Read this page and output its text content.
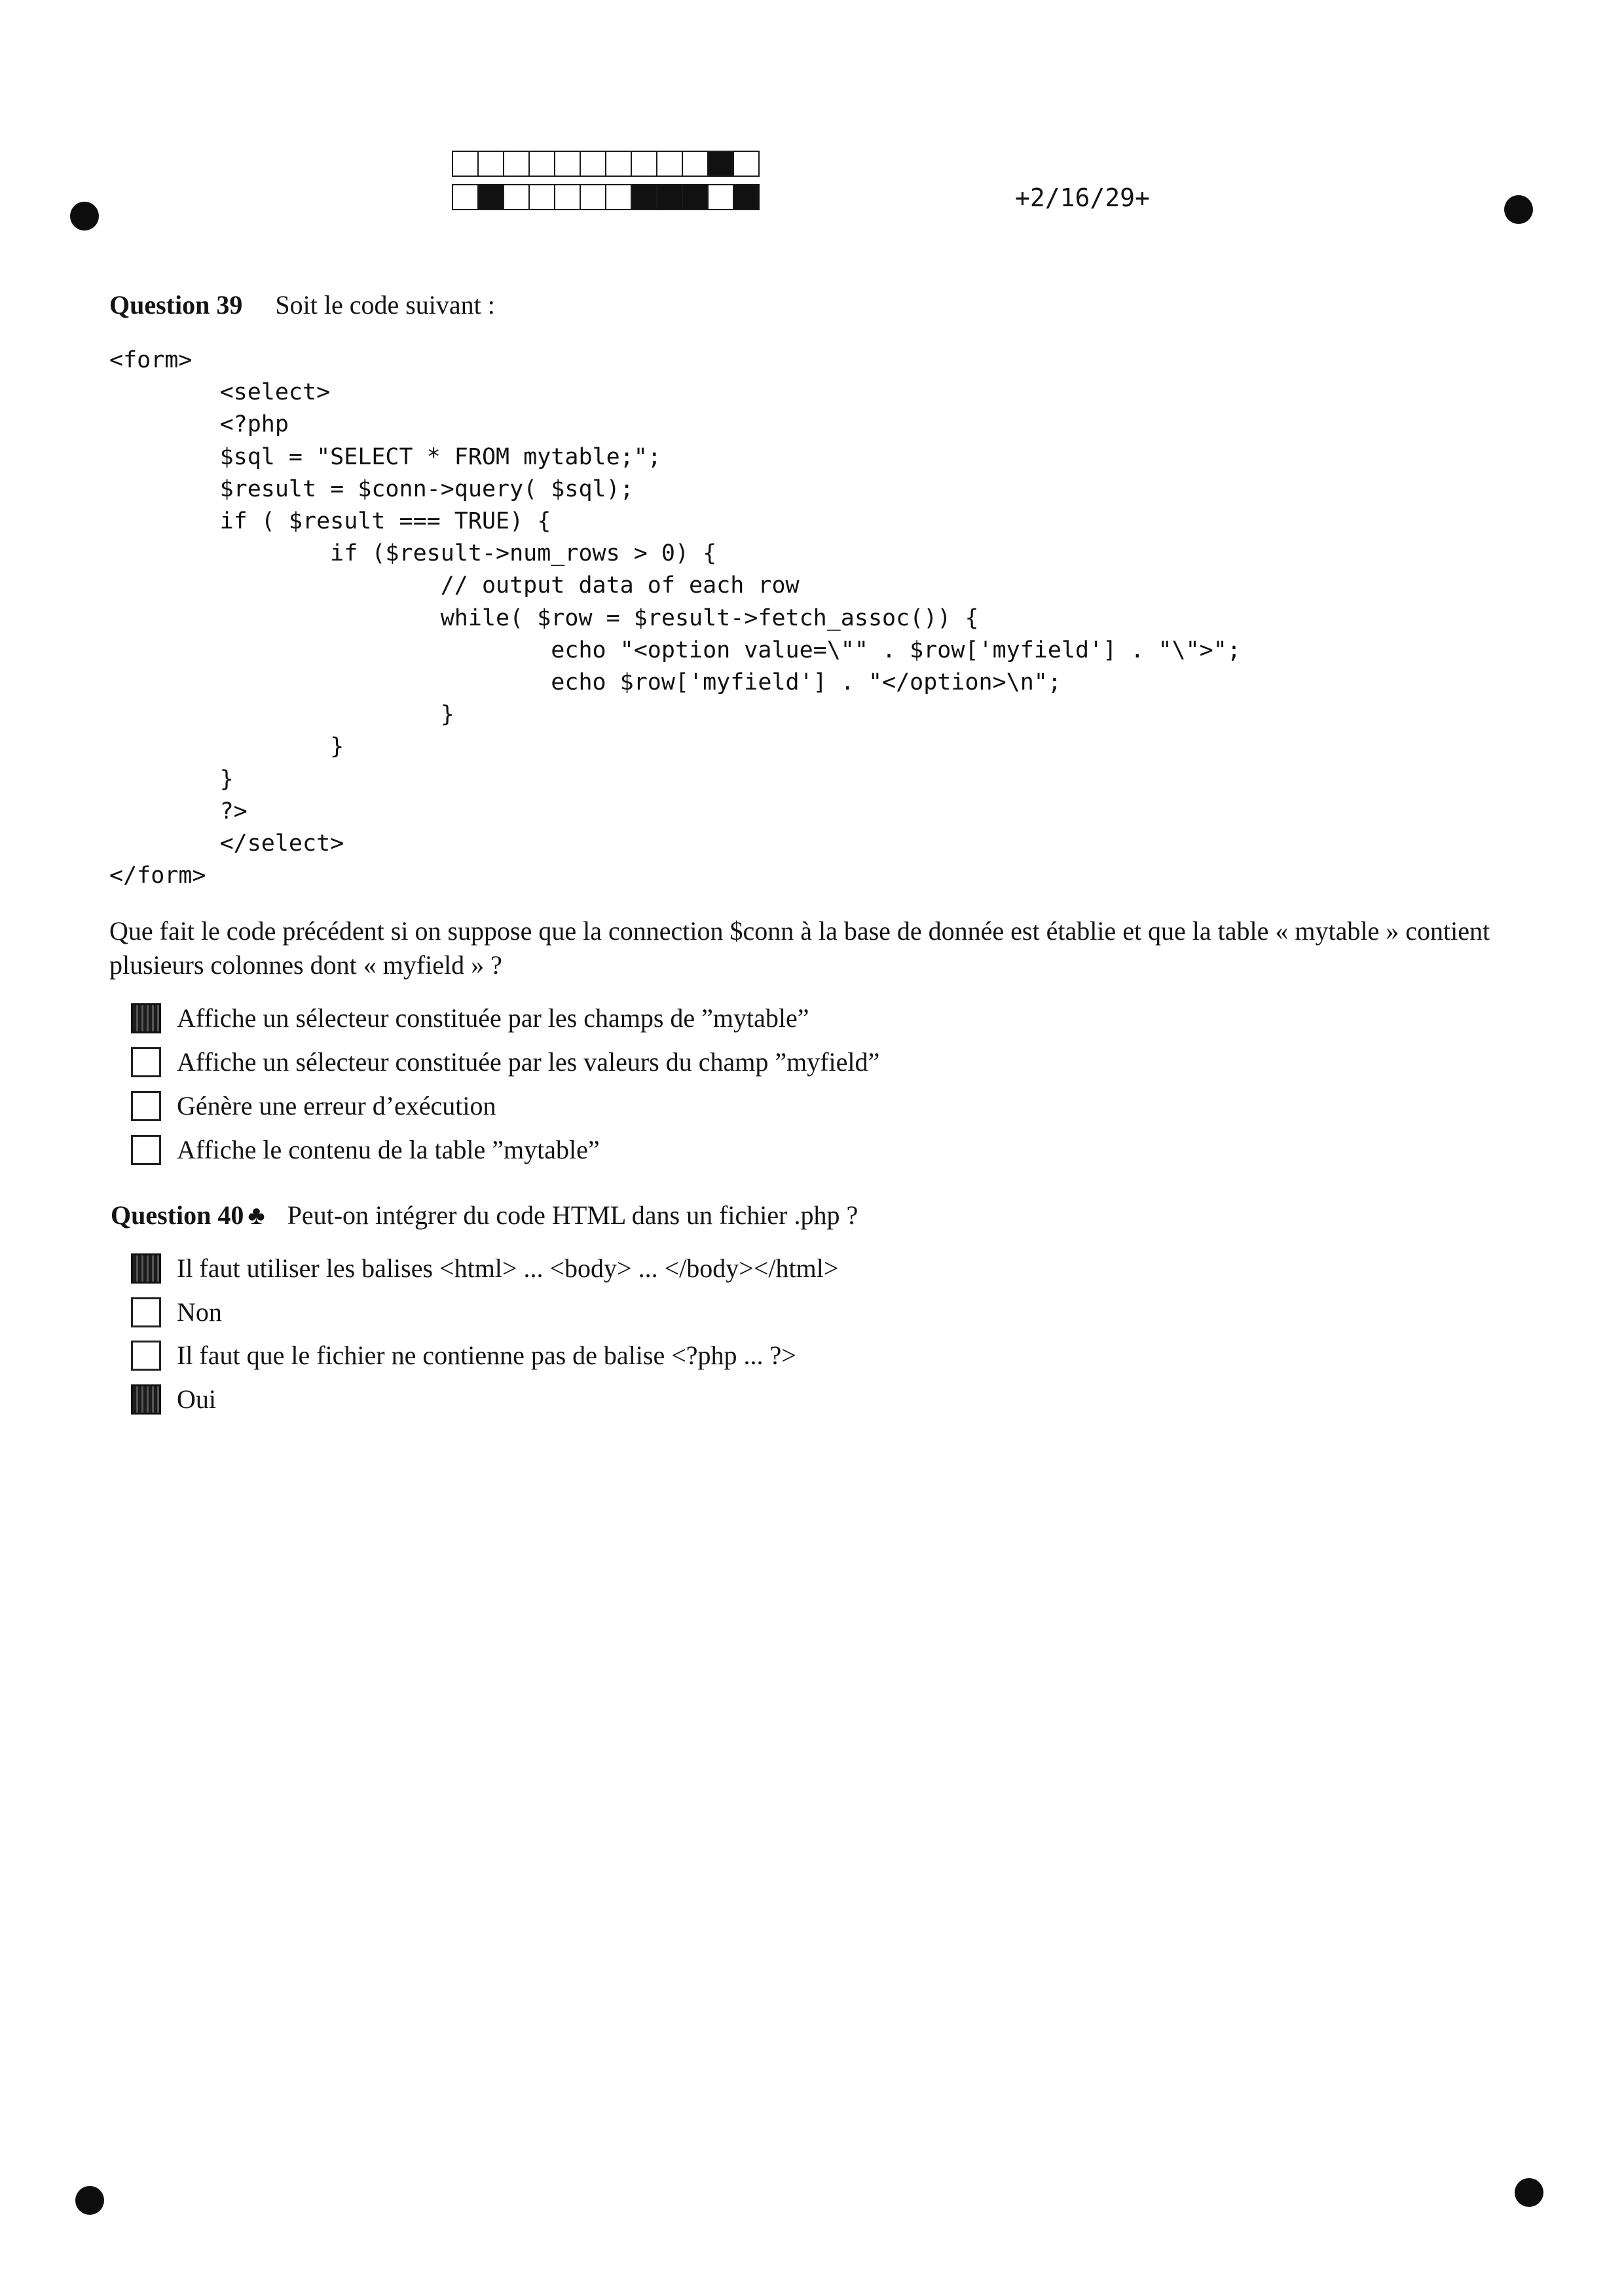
+2/16/29+
Question 39 Soit le code suivant :
<form>
<select>
<?php
$sql = "SELECT * FROM mytable;";
$result = $conn->query( $sql);
if ( $result === TRUE) {
if ($result->num_rows > 0) {
// output data of each row
while( $row = $result->fetch_assoc()) {
echo "<option value=\"" . $row['myfield'] . "\">";
echo $row['myfield'] . "</option>\n";
}
}
}
?>
</select>
</form>
Que fait le code précédent si on suppose que la connection $conn à la base de donnée est établie et que la table « mytable » contient plusieurs colonnes dont « myfield » ?
Affiche un sélecteur constituée par les champs de ”mytable”
Affiche un sélecteur constituée par les valeurs du champ ”myfield”
Génère une erreur d’exécution
Affiche le contenu de la table ”mytable”
Question 40 ♣ Peut-on intégrer du code HTML dans un fichier .php ?
Il faut utiliser les balises <html> ... <body> ... </body></html>
Non
Il faut que le fichier ne contienne pas de balise <?php ... ?>
Oui
